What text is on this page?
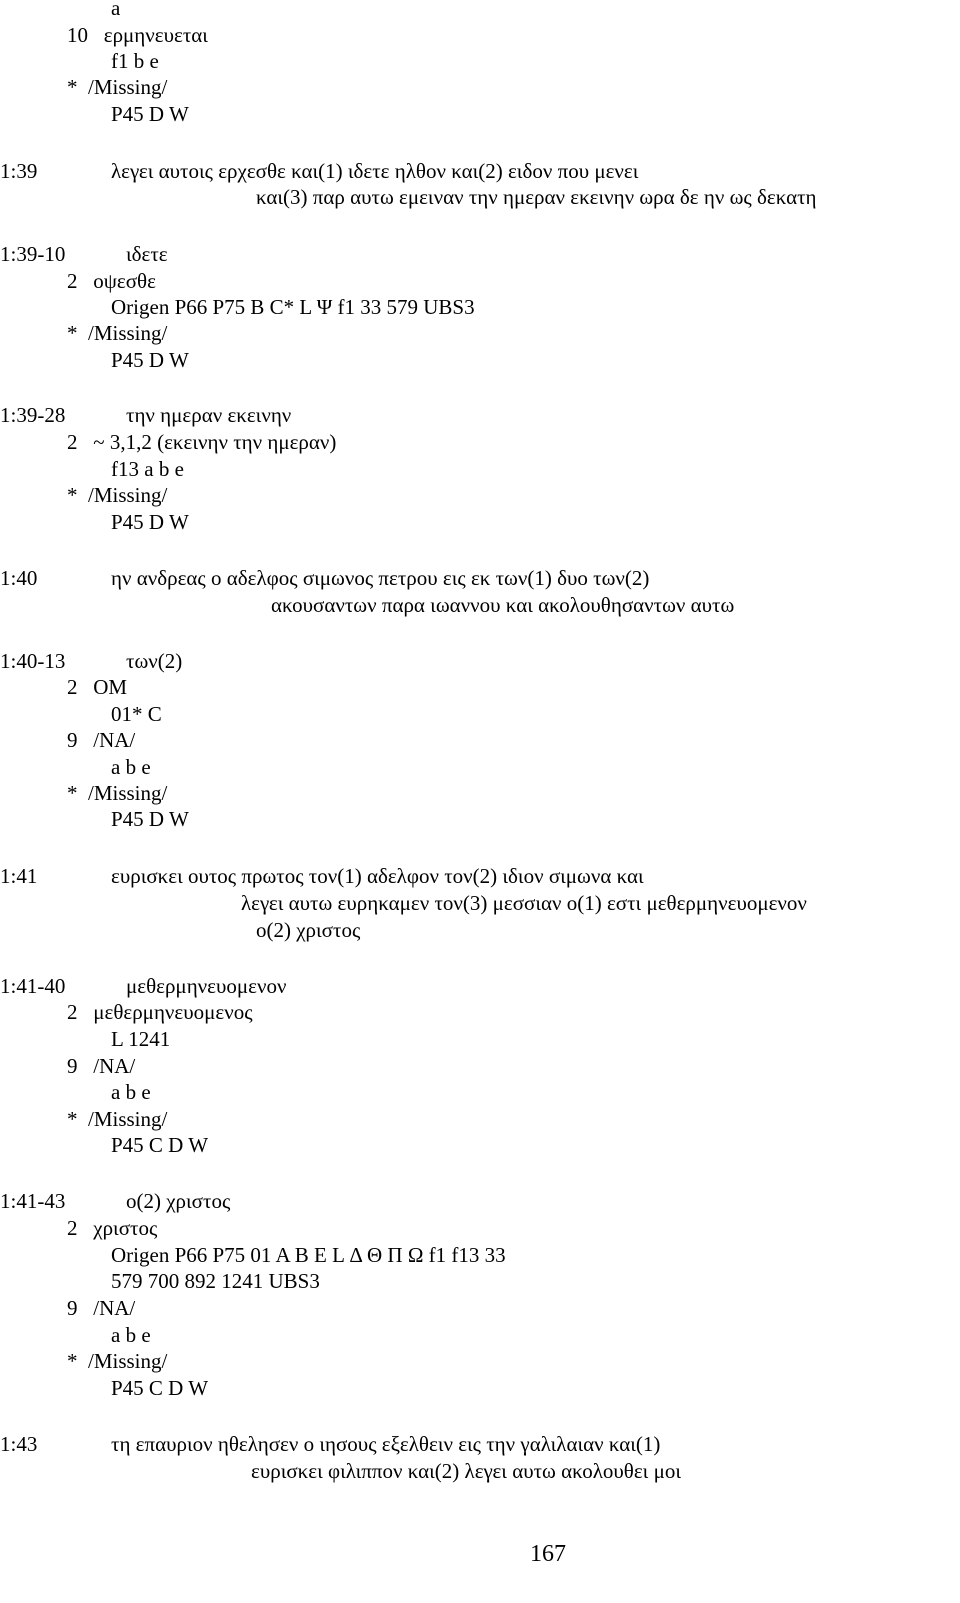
a
10   ερμηνευεται
f1 b e
*  /Missing/
P45 D W
1:39	λεγει αυτοις ερχεσθε και(1) ιδετε ηλθον και(2) ειδον που μενει
και(3) παρ αυτω εμειναν την ημεραν εκεινην ωρα δε ην ως δεκατη
1:39-10	ιδετε
2   οψεσθε
Origen P66 P75 B C* L Ψ f1 33 579 UBS3
*  /Missing/
P45 D W
1:39-28	την ημεραν εκεινην
2   ~ 3,1,2 (εκεινην την ημεραν)
f13 a b e
*  /Missing/
P45 D W
1:40	ην ανδρεας ο αδελφος σιμωνος πετρου εις εκ των(1) δυο των(2)
ακουσαντων παρα ιωαννου και ακολουθησαντων αυτω
1:40-13	των(2)
2   OM
01* C
9   /NA/
a b e
*  /Missing/
P45 D W
1:41	ευρισκει ουτος πρωτος τον(1) αδελφον τον(2) ιδιον σιμωνα και
λεγει αυτω ευρηκαμεν τον(3) μεσσιαν ο(1) εστι μεθερμηνευομενον
ο(2) χριστος
1:41-40	μεθερμηνευομενον
2   μεθερμηνευομενος
L 1241
9   /NA/
a b e
*  /Missing/
P45 C D W
1:41-43	ο(2) χριστος
2   χριστος
Origen P66 P75 01 A B E L Δ Θ Π Ω f1 f13 33
579 700 892 1241 UBS3
9   /NA/
a b e
*  /Missing/
P45 C D W
1:43	τη επαυριον ηθελησεν ο ιησους εξελθειν εις την γαλιλαιαν και(1)
ευρισκει φιλιππον και(2) λεγει αυτω ακολουθει μοι
167
